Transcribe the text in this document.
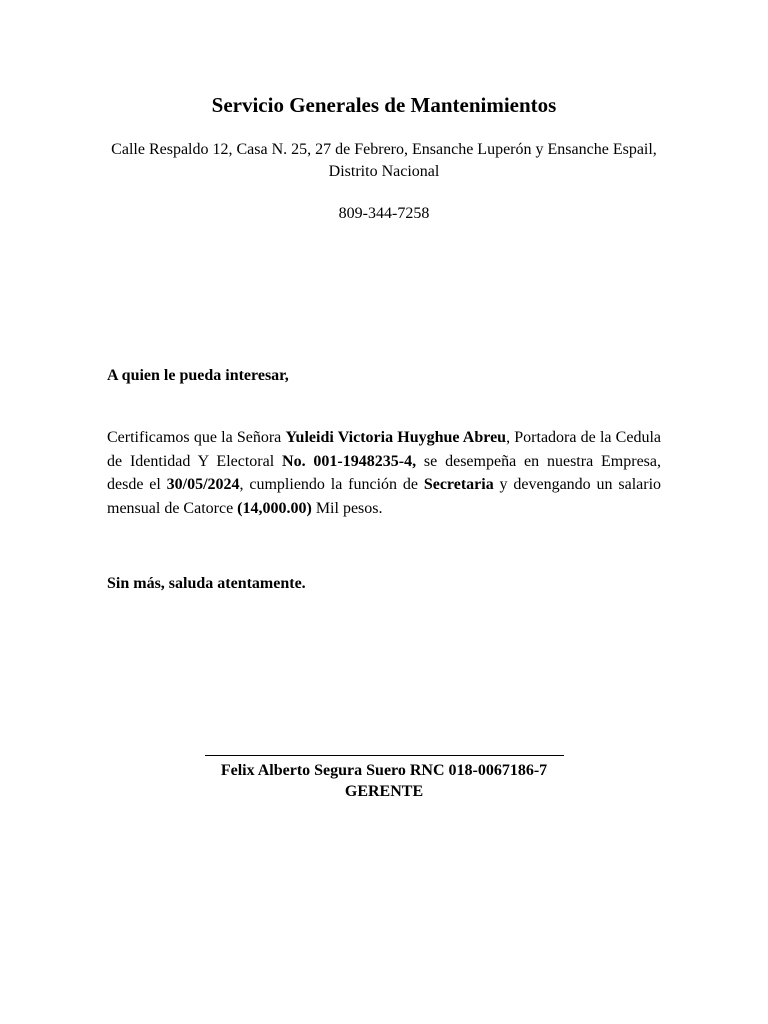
Servicio Generales de Mantenimientos
Calle Respaldo 12, Casa N. 25, 27 de Febrero, Ensanche Luperón y Ensanche Espail, Distrito Nacional
809-344-7258
A quien le pueda interesar,
Certificamos que la Señora Yuleidi Victoria Huyghue Abreu, Portadora de la Cedula de Identidad Y Electoral No. 001-1948235-4, se desempeña en nuestra Empresa, desde el 30/05/2024, cumpliendo la función de Secretaria y devengando un salario mensual de Catorce (14,000.00) Mil pesos.
Sin más, saluda atentamente.
Felix Alberto Segura Suero RNC 018-0067186-7
GERENTE
